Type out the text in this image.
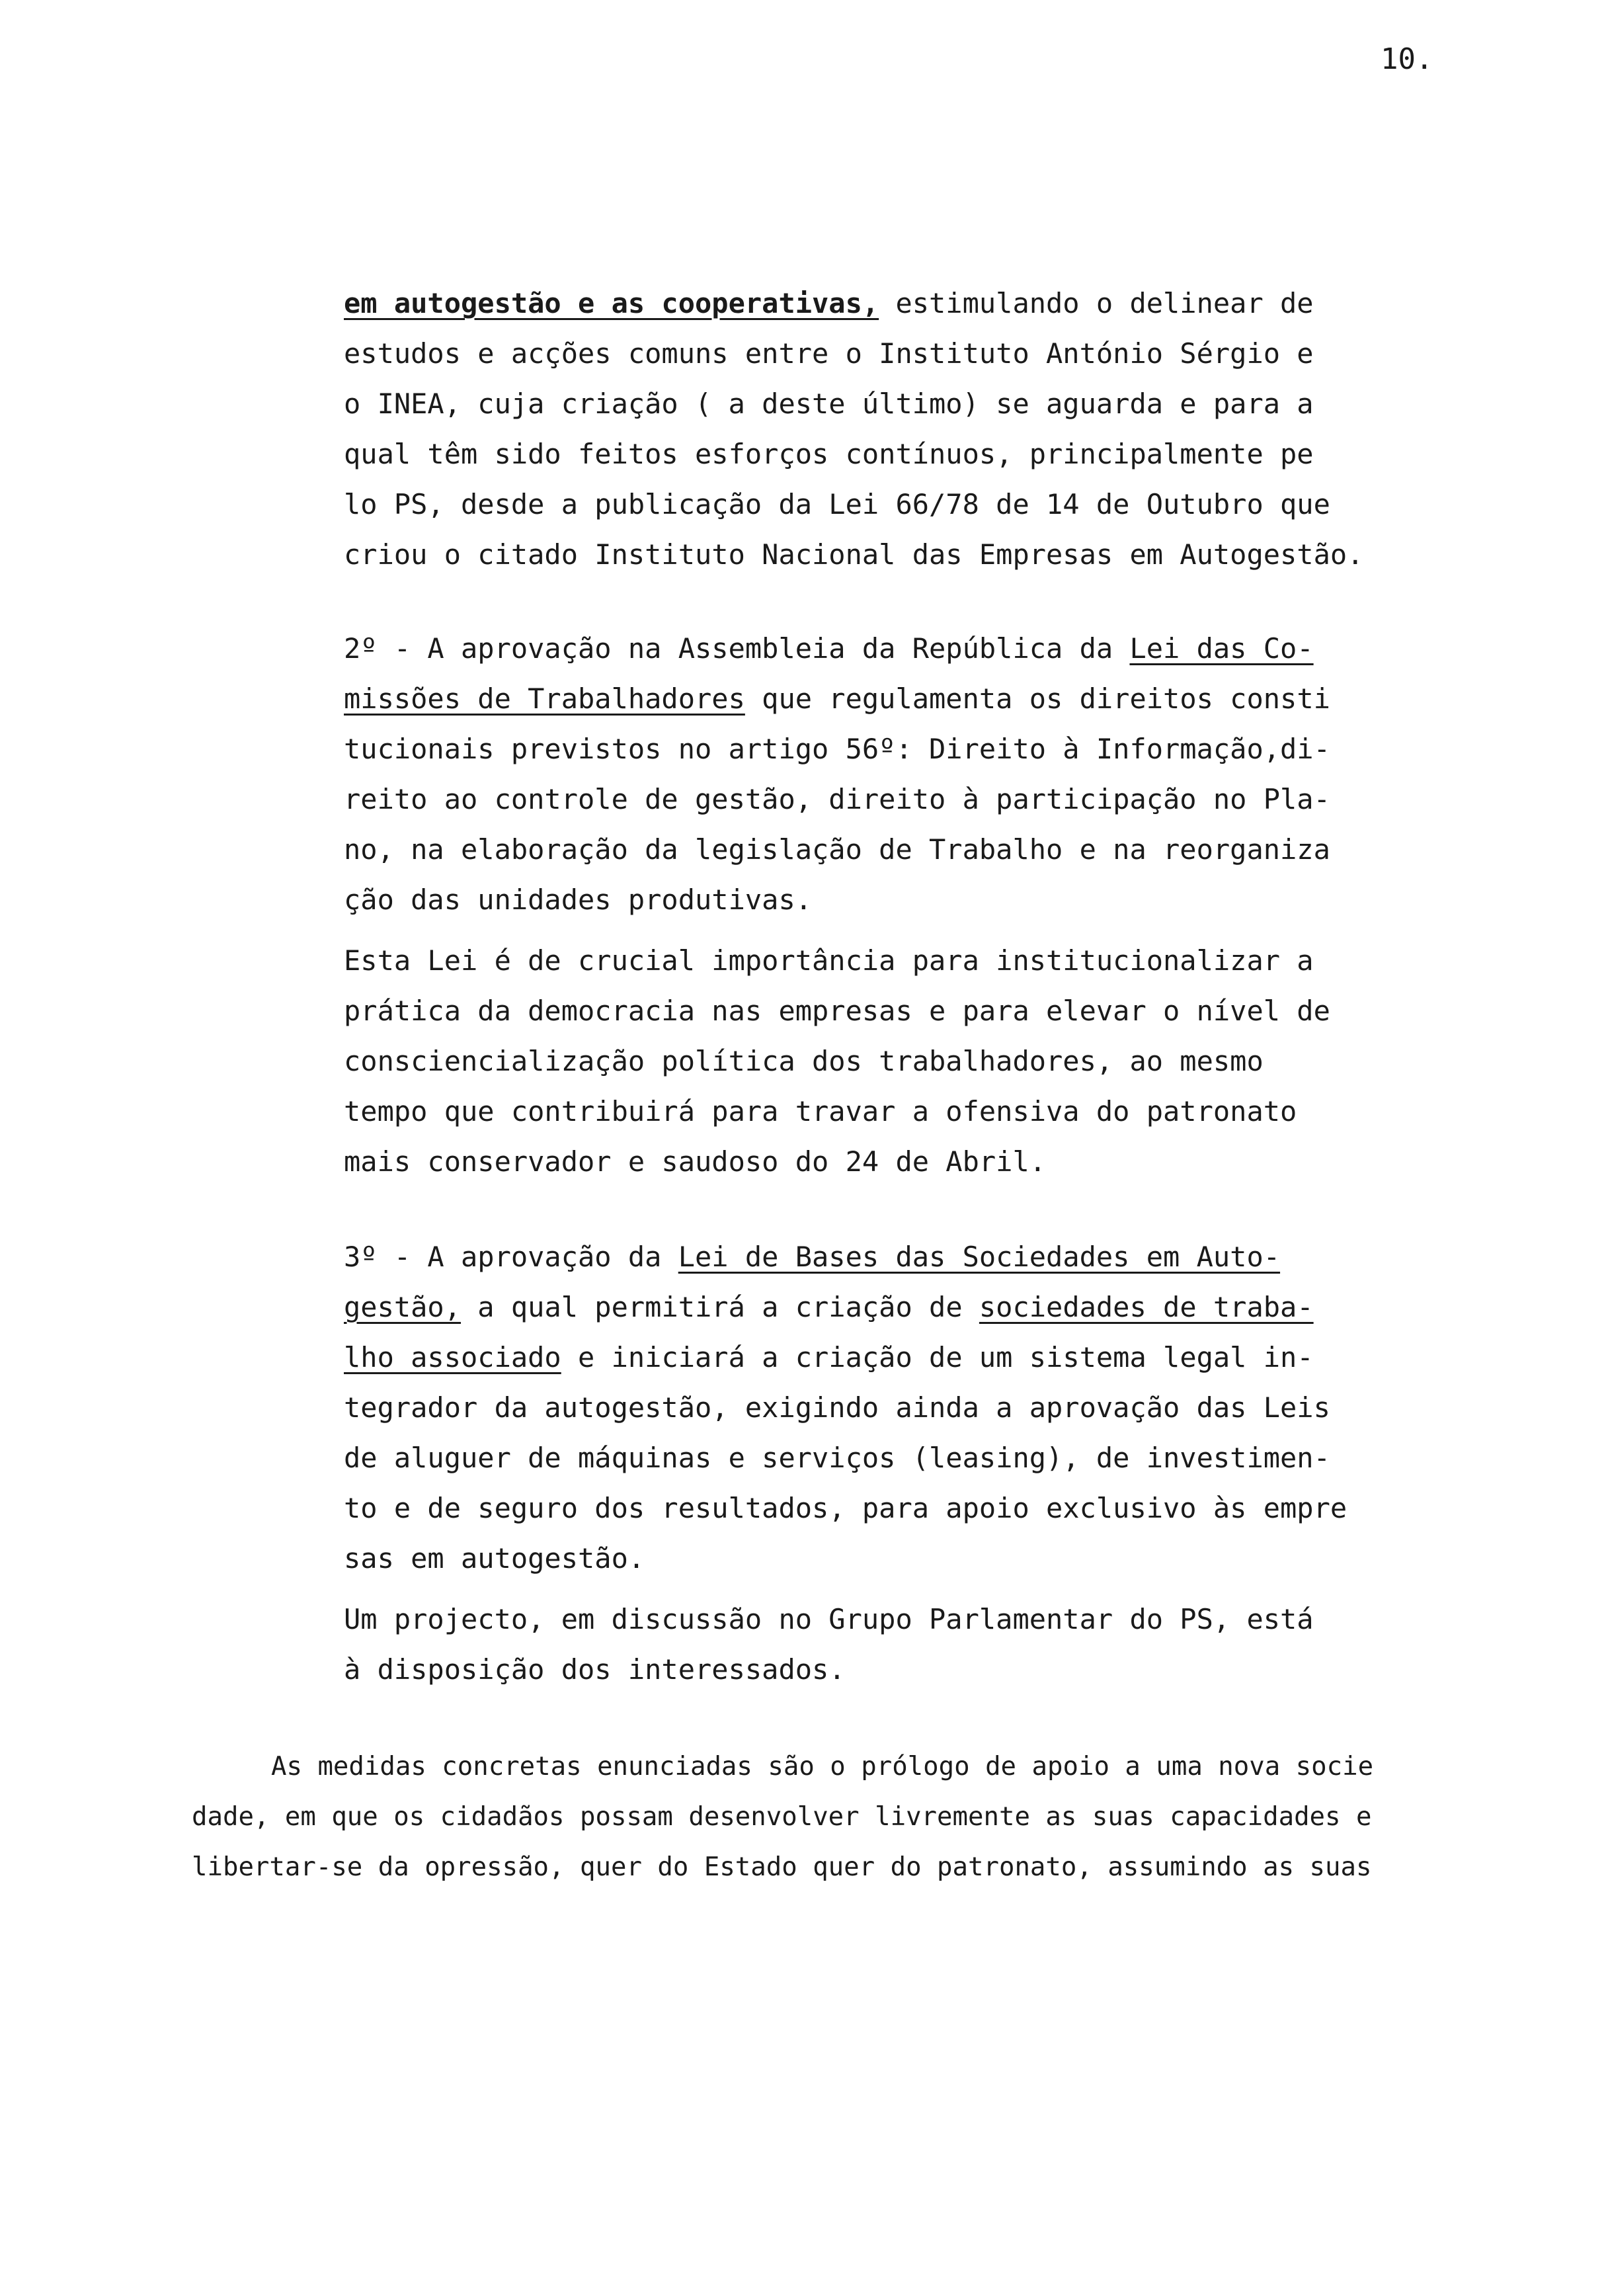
10.
em autogestão e as cooperativas, estimulando o delinear de
estudos e acções comuns entre o Instituto António Sérgio e
o INEA, cuja criação ( a deste último) se aguarda e para a
qual têm sido feitos esforços contínuos, principalmente pe
lo PS, desde a publicação da Lei 66/78 de 14 de Outubro que
criou o citado Instituto Nacional das Empresas em Autogestão.
2º - A aprovação na Assembleia da República da Lei das Co-
missões de Trabalhadores que regulamenta os direitos consti
tucionais previstos no artigo 56º: Direito à Informação,di-
reito ao controle de gestão, direito à participação no Pla-
no, na elaboração da legislação de Trabalho e na reorganiza
ção das unidades produtivas.
Esta Lei é de crucial importância para institucionalizar a
prática da democracia nas empresas e para elevar o nível de
consciencialização política dos trabalhadores, ao mesmo
tempo que contribuirá para travar a ofensiva do patronato
mais conservador e saudoso do 24 de Abril.
3º - A aprovação da Lei de Bases das Sociedades em Auto-
gestão, a qual permitirá a criação de sociedades de traba-
lho associado e iniciará a criação de um sistema legal in-
tegrador da autogestão, exigindo ainda a aprovação das Leis
de aluguer de máquinas e serviços (leasing), de investimen-
to e de seguro dos resultados, para apoio exclusivo às empre
sas em autogestão.
Um projecto, em discussão no Grupo Parlamentar do PS, está
à disposição dos interessados.
As medidas concretas enunciadas são o prólogo de apoio a uma nova socie
dade, em que os cidadãos possam desenvolver livremente as suas capacidades e
libertar-se da opressão, quer do Estado quer do patronato, assumindo as suas
